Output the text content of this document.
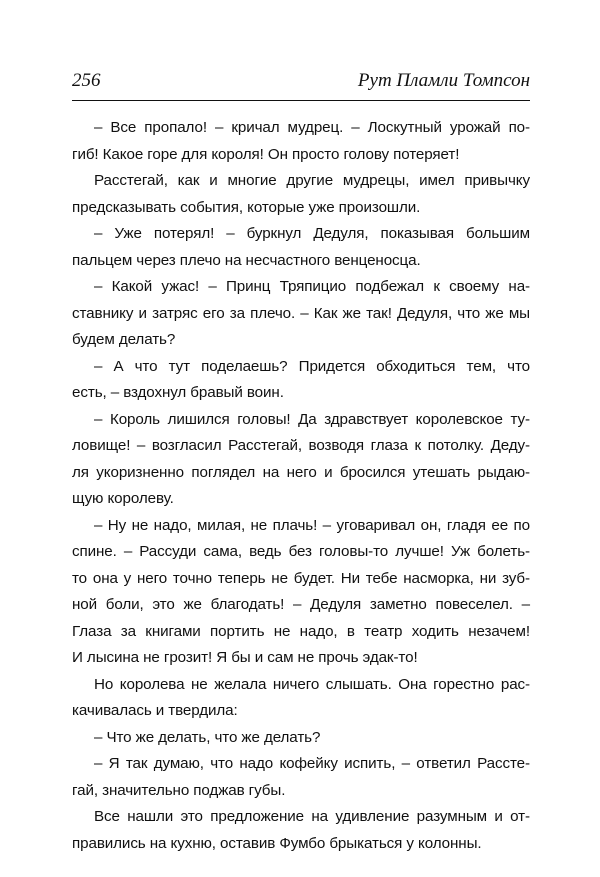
256	Рут Пламли Томпсон

– Все пропало! – кричал мудрец. – Лоскутный урожай по-
гиб! Какое горе для короля! Он просто голову потеряет!

Расстегай, как и многие другие мудрецы, имел привычку
предсказывать события, которые уже произошли.

– Уже потерял! – буркнул Дедуля, показывая большим
пальцем через плечо на несчастного венценосца.

– Какой ужас! – Принц Тряпицио подбежал к своему на-
ставнику и затряс его за плечо. – Как же так! Дедуля, что же мы
будем делать?

– А что тут поделаешь? Придется обходиться тем, что
есть, – вздохнул бравый воин.

– Король лишился головы! Да здравствует королевское ту-
ловище! – возгласил Расстегай, возводя глаза к потолку. Деду-
ля укоризненно поглядел на него и бросился утешать рыдаю-
щую королеву.

– Ну не надо, милая, не плачь! – уговаривал он, гладя ее по
спине. – Рассуди сама, ведь без головы-то лучше! Уж болеть-
то она у него точно теперь не будет. Ни тебе насморка, ни зуб-
ной боли, это же благодать! – Дедуля заметно повеселел. –
Глаза за книгами портить не надо, в театр ходить незачем!
И лысина не грозит! Я бы и сам не прочь эдак-то!

Но королева не желала ничего слышать. Она горестно рас-
качивалась и твердила:

– Что же делать, что же делать?

– Я так думаю, что надо кофейку испить, – ответил Рассте-
гай, значительно поджав губы.

Все нашли это предложение на удивление разумным и от-
правились на кухню, оставив Фумбо брыкаться у колонны.
